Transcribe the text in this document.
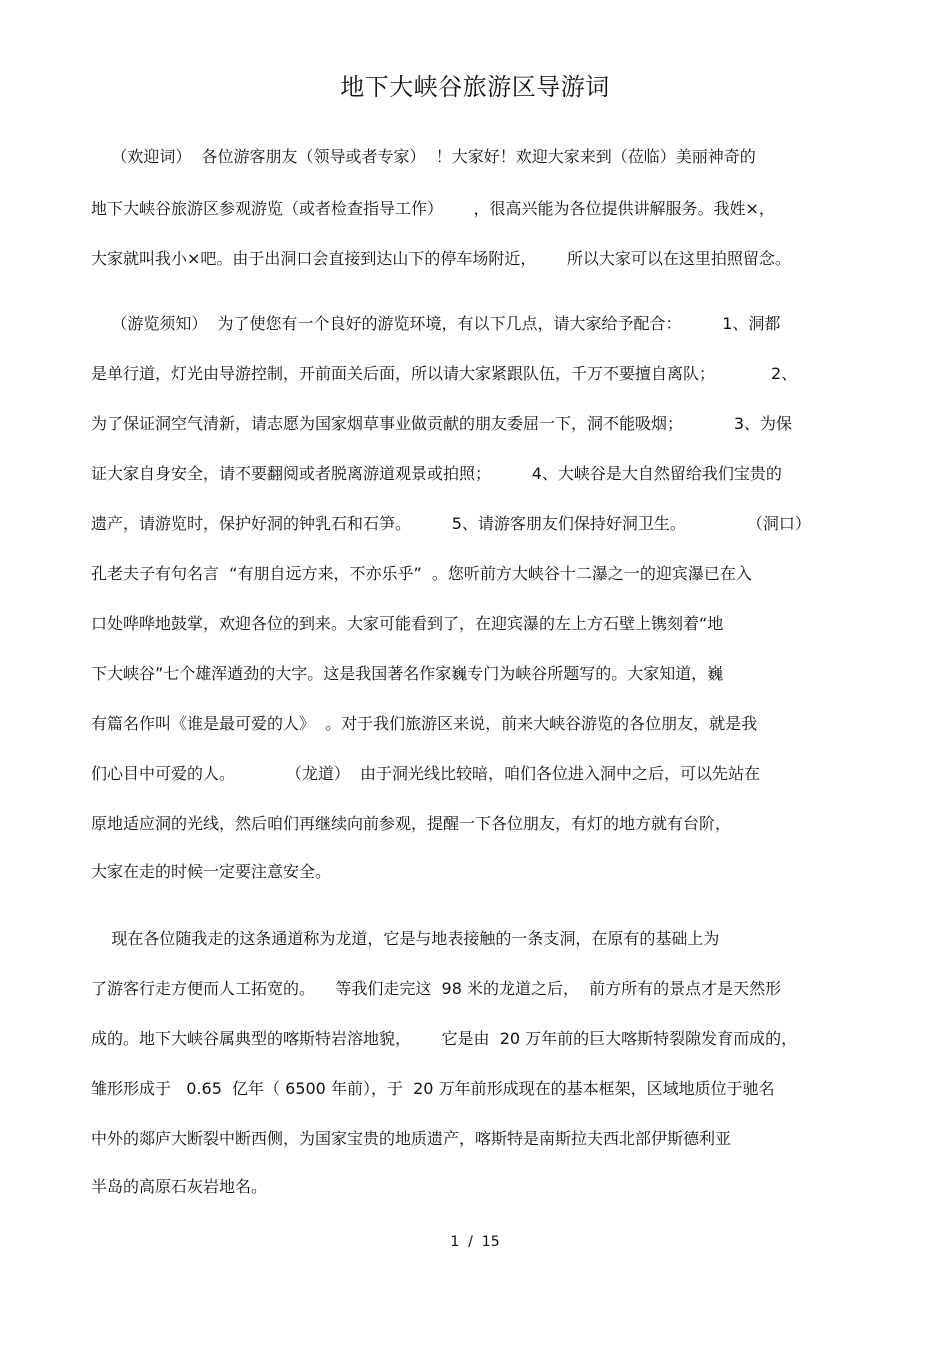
地下大峡谷旅游区导游词
（欢迎词）  各位游客朋友（领导或者专家）  ！大家好！欢迎大家来到（莅临）美丽神奇的
地下大峡谷旅游区参观游览（或者检查指导工作）      ，很高兴能为各位提供讲解服务。我姓×，
大家就叫我小×吧。由于出洞口会直接到达山下的停车场附近，      所以大家可以在这里拍照留念。
（游览须知）  为了使您有一个良好的游览环境，有以下几点，请大家给予配合：        1、洞都
是单行道，灯光由导游控制，开前面关后面，所以请大家紧跟队伍，千万不要擅自离队；           2、
为了保证洞空气清新，请志愿为国家烟草事业做贡献的朋友委屈一下，洞不能吸烟；          3、为保
证大家自身安全，请不要翻阅或者脱离游道观景或拍照；        4、大峡谷是大自然留给我们宝贵的
遗产，请游览时，保护好洞的钟乳石和石笋。        5、请游客朋友们保持好洞卫生。            （洞口）
孔老夫子有句名言  “有朋自远方来，不亦乐乎”  。您听前方大峡谷十二瀑之一的迎宾瀑已在入
口处哗哗地鼓掌，欢迎各位的到来。大家可能看到了，在迎宾瀑的左上方石壁上镌刻着“地
下大峡谷”七个雄浑遒劲的大字。这是我国著名作家巍专门为峡谷所题写的。大家知道，巍
有篇名作叫《谁是最可爱的人》  。对于我们旅游区来说，前来大峡谷游览的各位朋友，就是我
们心目中可爱的人。          （龙道）  由于洞光线比较暗，咱们各位进入洞中之后，可以先站在
原地适应洞的光线，然后咱们再继续向前参观，提醒一下各位朋友，有灯的地方就有台阶，
大家在走的时候一定要注意安全。
现在各位随我走的这条通道称为龙道，它是与地表接触的一条支洞，在原有的基础上为
了游客行走方便而人工拓宽的。    等我们走完这  98 米的龙道之后，  前方所有的景点才是天然形
成的。地下大峡谷属典型的喀斯特岩溶地貌，      它是由  20 万年前的巨大喀斯特裂隙发育而成的，
雏形形成于   0.65  亿年（ 6500 年前），于  20 万年前形成现在的基本框架，区域地质位于驰名
中外的郯庐大断裂中断西侧，为国家宝贵的地质遗产，喀斯特是南斯拉夫西北部伊斯德利亚
半岛的高原石灰岩地名。
1  /  15
